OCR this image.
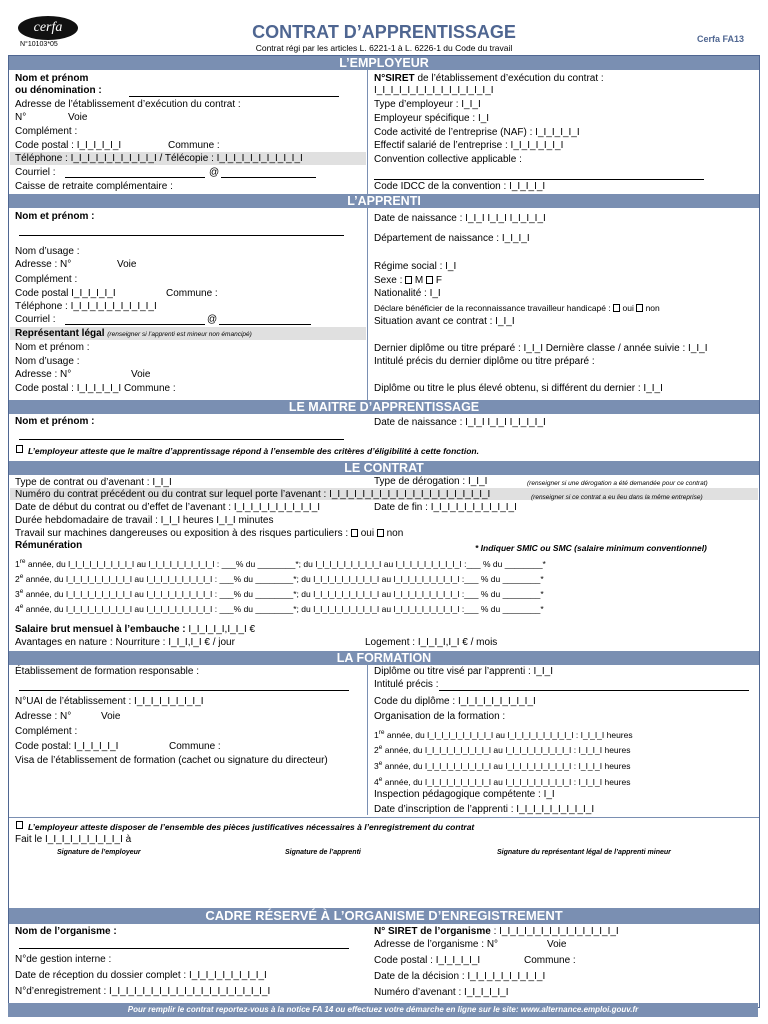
cerfa
N°10103*05
CONTRAT D’APPRENTISSAGE
Contrat régi par les articles L. 6221-1 à L. 6226-1 du Code du travail
Cerfa FA13
L’EMPLOYEUR
Nom et prénom
ou dénomination :
Adresse de l’établissement d’exécution du contrat :
N°	Voie
Complément :
Code postal : I_I_I_I_I_I	Commune :
Téléphone : I_I_I_I_I_I_I_I_I_I_I / Télécopie : I_I_I_I_I_I_I_I_I_I_I
Courriel :	@
Caisse de retraite complémentaire :
N°SIRET de l’établissement d’exécution du contrat :
I_I_I_I_I_I_I_I_I_I_I_I_I_I_I
Type d’employeur : I_I_I
Employeur spécifique : I_I
Code activité de l’entreprise (NAF) : I_I_I_I_I_I
Effectif salarié de l’entreprise : I_I_I_I_I_I_I
Convention collective applicable :
Code IDCC de la convention : I_I_I_I_I
L’APPRENTI
Nom et prénom :
Nom d’usage :
Adresse : N°	Voie
Complément :
Code postal I_I_I_I_I_I	Commune :
Téléphone : I_I_I_I_I_I_I_I_I_I_I
Courriel :	@
Représentant légal (renseigner si l’apprenti est mineur non émancipé)
Nom et prénom :
Nom d’usage :
Adresse : N°	Voie
Code postal : I_I_I_I_I_I Commune :
Date de naissance : I_I_I I_I_I I_I_I_I_I
Département de naissance : I_I_I_I
Régime social : I_I
Sexe : M F
Nationalité : I_I
Déclare bénéficier de la reconnaissance travailleur handicapé : oui non
Situation avant ce contrat : I_I_I
Dernier diplôme ou titre préparé : I_I_I Dernière classe / année suivie : I_I_I
Intitulé précis du dernier diplôme ou titre préparé :
Diplôme ou titre le plus élevé obtenu, si différent du dernier : I_I_I
LE MAITRE D’APPRENTISSAGE
Nom et prénom :	Date de naissance : I_I_I I_I_I I_I_I_I_I
L’employeur atteste que le maître d’apprentissage répond à l’ensemble des critères d’éligibilité à cette fonction.
LE CONTRAT
Type de contrat ou d’avenant : I_I_I	Type de dérogation : I_I_I	(renseigner si une dérogation a été demandée pour ce contrat)
Numéro du contrat précédent ou du contrat sur lequel porte l’avenant : I_I_I_I_I_I_I_I_I_I_I_I_I_I_I_I_I_I_I_I	(renseigner si ce contrat a eu lieu dans la même entreprise)
Date de début du contrat ou d’effet de l’avenant : I_I_I_I_I_I_I_I_I_I_I	Date de fin : I_I_I_I_I_I_I_I_I_I_I
Durée hebdomadaire de travail : I_I_I heures I_I_I minutes
Travail sur machines dangereuses ou exposition à des risques particuliers : oui non
Rémunération	* Indiquer SMIC ou SMC (salaire minimum conventionnel)
1re année, du I_I_I_I_I_I_I_I_I_I au I_I_I_I_I_I_I_I_I_I : ___% du ________*; du I_I_I_I_I_I_I_I_I_I au I_I_I_I_I_I_I_I_I_I :___ % du ________*
2e année, du I_I_I_I_I_I_I_I_I_I au I_I_I_I_I_I_I_I_I_I : ___% du ________*; du I_I_I_I_I_I_I_I_I_I au I_I_I_I_I_I_I_I_I_I :___ % du ________*
3e année, du I_I_I_I_I_I_I_I_I_I au I_I_I_I_I_I_I_I_I_I : ___% du ________*; du I_I_I_I_I_I_I_I_I_I au I_I_I_I_I_I_I_I_I_I :___ % du ________*
4e année, du I_I_I_I_I_I_I_I_I_I au I_I_I_I_I_I_I_I_I_I : ___% du ________*; du I_I_I_I_I_I_I_I_I_I au I_I_I_I_I_I_I_I_I_I :___ % du ________*
Salaire brut mensuel à l’embauche : I_I_I_I_I,I_I_I €
Avantages en nature : Nourriture : I_I_I,I_I € / jour	Logement : I_I_I_I,I_I € / mois
LA FORMATION
Établissement de formation responsable :
N°UAI de l’établissement : I_I_I_I_I_I_I_I_I
Adresse : N°	Voie
Complément :
Code postal: I_I_I_I_I_I	Commune :
Visa de l’établissement de formation (cachet ou signature du directeur)
Diplôme ou titre visé par l’apprenti : I_I_I
Intitulé précis :
Code du diplôme : I_I_I_I_I_I_I_I_I_I
Organisation de la formation :
1re année, du I_I_I_I_I_I_I_I_I_I au I_I_I_I_I_I_I_I_I_I : I_I_I_I heures
2e année, du I_I_I_I_I_I_I_I_I_I au I_I_I_I_I_I_I_I_I_I : I_I_I_I heures
3e année, du I_I_I_I_I_I_I_I_I_I au I_I_I_I_I_I_I_I_I_I : I_I_I_I heures
4e année, du I_I_I_I_I_I_I_I_I_I au I_I_I_I_I_I_I_I_I_I : I_I_I_I heures
Inspection pédagogique compétente : I_I
Date d’inscription de l’apprenti : I_I_I_I_I_I_I_I_I_I
L’employeur atteste disposer de l’ensemble des pièces justificatives nécessaires à l’enregistrement du contrat
Fait le I_I_I_I_I_I_I_I_I_I à
Signature de l’employeur	Signature de l’apprenti	Signature du représentant légal de l’apprenti mineur
CADRE RÉSERVÉ À L’ORGANISME D’ENREGISTREMENT
Nom de l’organisme :
N°de gestion interne :
Date de réception du dossier complet : I_I_I_I_I_I_I_I_I_I
N°d’enregistrement : I_I_I_I_I_I_I_I_I_I_I_I_I_I_I_I_I_I_I_I
N° SIRET de l’organisme : I_I_I_I_I_I_I_I_I_I_I_I_I_I_I
Adresse de l’organisme : N°	Voie
Code postal : I_I_I_I_I_I	Commune :
Date de la décision : I_I_I_I_I_I_I_I_I_I
Numéro d’avenant : I_I_I_I_I_I
Pour remplir le contrat reportez-vous à la notice FA 14 ou effectuez votre démarche en ligne sur le site: www.alternance.emploi.gouv.fr
